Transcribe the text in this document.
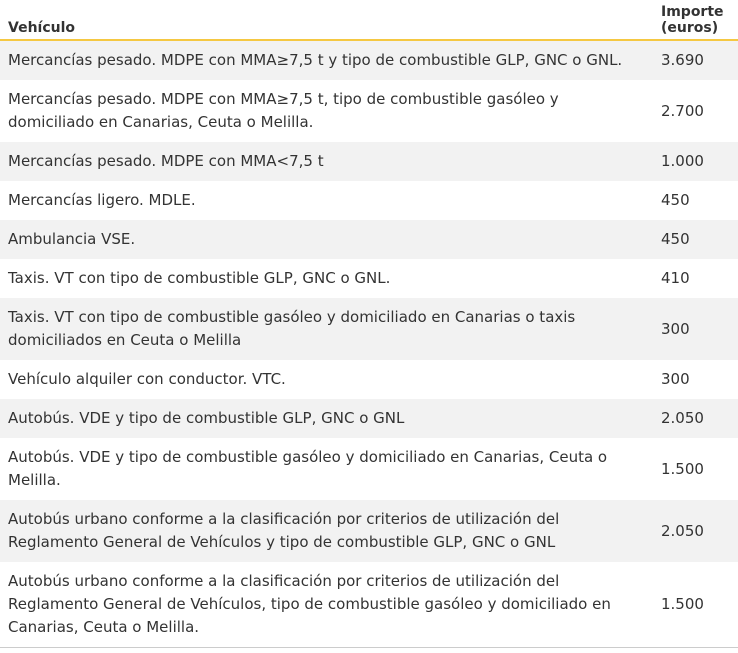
Vehículo	Importe
(euros)
Mercancías pesado. MDPE con MMA≥7,5 t y tipo de combustible GLP, GNC o GNL.	3.690
Mercancías pesado. MDPE con MMA≥7,5 t, tipo de combustible gasóleo y domiciliado en Canarias, Ceuta o Melilla.	2.700
Mercancías pesado. MDPE con MMA<7,5 t	1.000
Mercancías ligero. MDLE.	450
Ambulancia VSE.	450
Taxis. VT con tipo de combustible GLP, GNC o GNL.	410
Taxis. VT con tipo de combustible gasóleo y domiciliado en Canarias o taxis domiciliados en Ceuta o Melilla	300
Vehículo alquiler con conductor. VTC.	300
Autobús. VDE y tipo de combustible GLP, GNC o GNL	2.050
Autobús. VDE y tipo de combustible gasóleo y domiciliado en Canarias, Ceuta o Melilla.	1.500
Autobús urbano conforme a la clasificación por criterios de utilización del Reglamento General de Vehículos y tipo de combustible GLP, GNC o GNL	2.050
Autobús urbano conforme a la clasificación por criterios de utilización del Reglamento General de Vehículos, tipo de combustible gasóleo y domiciliado en Canarias, Ceuta o Melilla.	1.500
